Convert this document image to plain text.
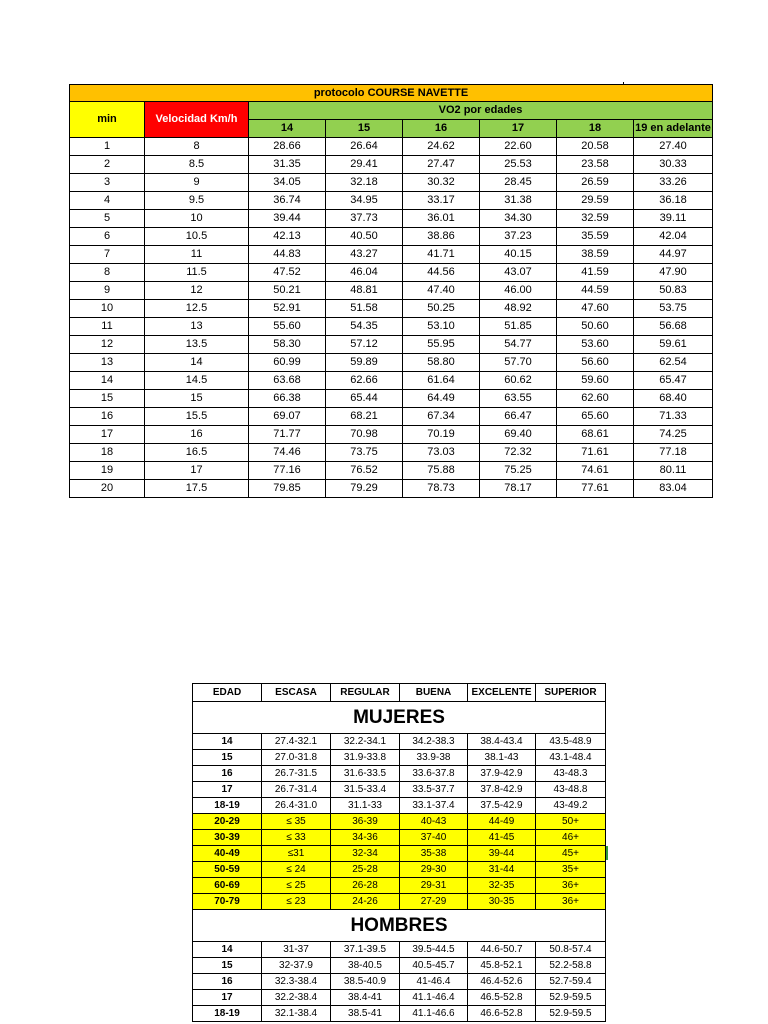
protocolo COURSE NAVETTE							
min	Velocidad Km/h	VO2 por edades					
		14	15	16	17	18	19 en adelante
1	8	28.66	26.64	24.62	22.60	20.58	27.40
2	8.5	31.35	29.41	27.47	25.53	23.58	30.33
3	9	34.05	32.18	30.32	28.45	26.59	33.26
4	9.5	36.74	34.95	33.17	31.38	29.59	36.18
5	10	39.44	37.73	36.01	34.30	32.59	39.11
6	10.5	42.13	40.50	38.86	37.23	35.59	42.04
7	11	44.83	43.27	41.71	40.15	38.59	44.97
8	11.5	47.52	46.04	44.56	43.07	41.59	47.90
9	12	50.21	48.81	47.40	46.00	44.59	50.83
10	12.5	52.91	51.58	50.25	48.92	47.60	53.75
11	13	55.60	54.35	53.10	51.85	50.60	56.68
12	13.5	58.30	57.12	55.95	54.77	53.60	59.61
13	14	60.99	59.89	58.80	57.70	56.60	62.54
14	14.5	63.68	62.66	61.64	60.62	59.60	65.47
15	15	66.38	65.44	64.49	63.55	62.60	68.40
16	15.5	69.07	68.21	67.34	66.47	65.60	71.33
17	16	71.77	70.98	70.19	69.40	68.61	74.25
18	16.5	74.46	73.75	73.03	72.32	71.61	77.18
19	17	77.16	76.52	75.88	75.25	74.61	80.11
20	17.5	79.85	79.29	78.73	78.17	77.61	83.04
EDAD	ESCASA	REGULAR	BUENA	EXCELENTE	SUPERIOR
MUJERES					
14	27.4-32.1	32.2-34.1	34.2-38.3	38.4-43.4	43.5-48.9
15	27.0-31.8	31.9-33.8	33.9-38	38.1-43	43.1-48.4
16	26.7-31.5	31.6-33.5	33.6-37.8	37.9-42.9	43-48.3
17	26.7-31.4	31.5-33.4	33.5-37.7	37.8-42.9	43-48.8
18-19	26.4-31.0	31.1-33	33.1-37.4	37.5-42.9	43-49.2
20-29	≤ 35	36-39	40-43	44-49	50+
30-39	≤ 33	34-36	37-40	41-45	46+
40-49	≤31	32-34	35-38	39-44	45+
50-59	≤ 24	25-28	29-30	31-44	35+
60-69	≤ 25	26-28	29-31	32-35	36+
70-79	≤ 23	24-26	27-29	30-35	36+
HOMBRES					
14	31-37	37.1-39.5	39.5-44.5	44.6-50.7	50.8-57.4
15	32-37.9	38-40.5	40.5-45.7	45.8-52.1	52.2-58.8
16	32.3-38.4	38.5-40.9	41-46.4	46.4-52.6	52.7-59.4
17	32.2-38.4	38.4-41	41.1-46.4	46.5-52.8	52.9-59.5
18-19	32.1-38.4	38.5-41	41.1-46.6	46.6-52.8	52.9-59.5
